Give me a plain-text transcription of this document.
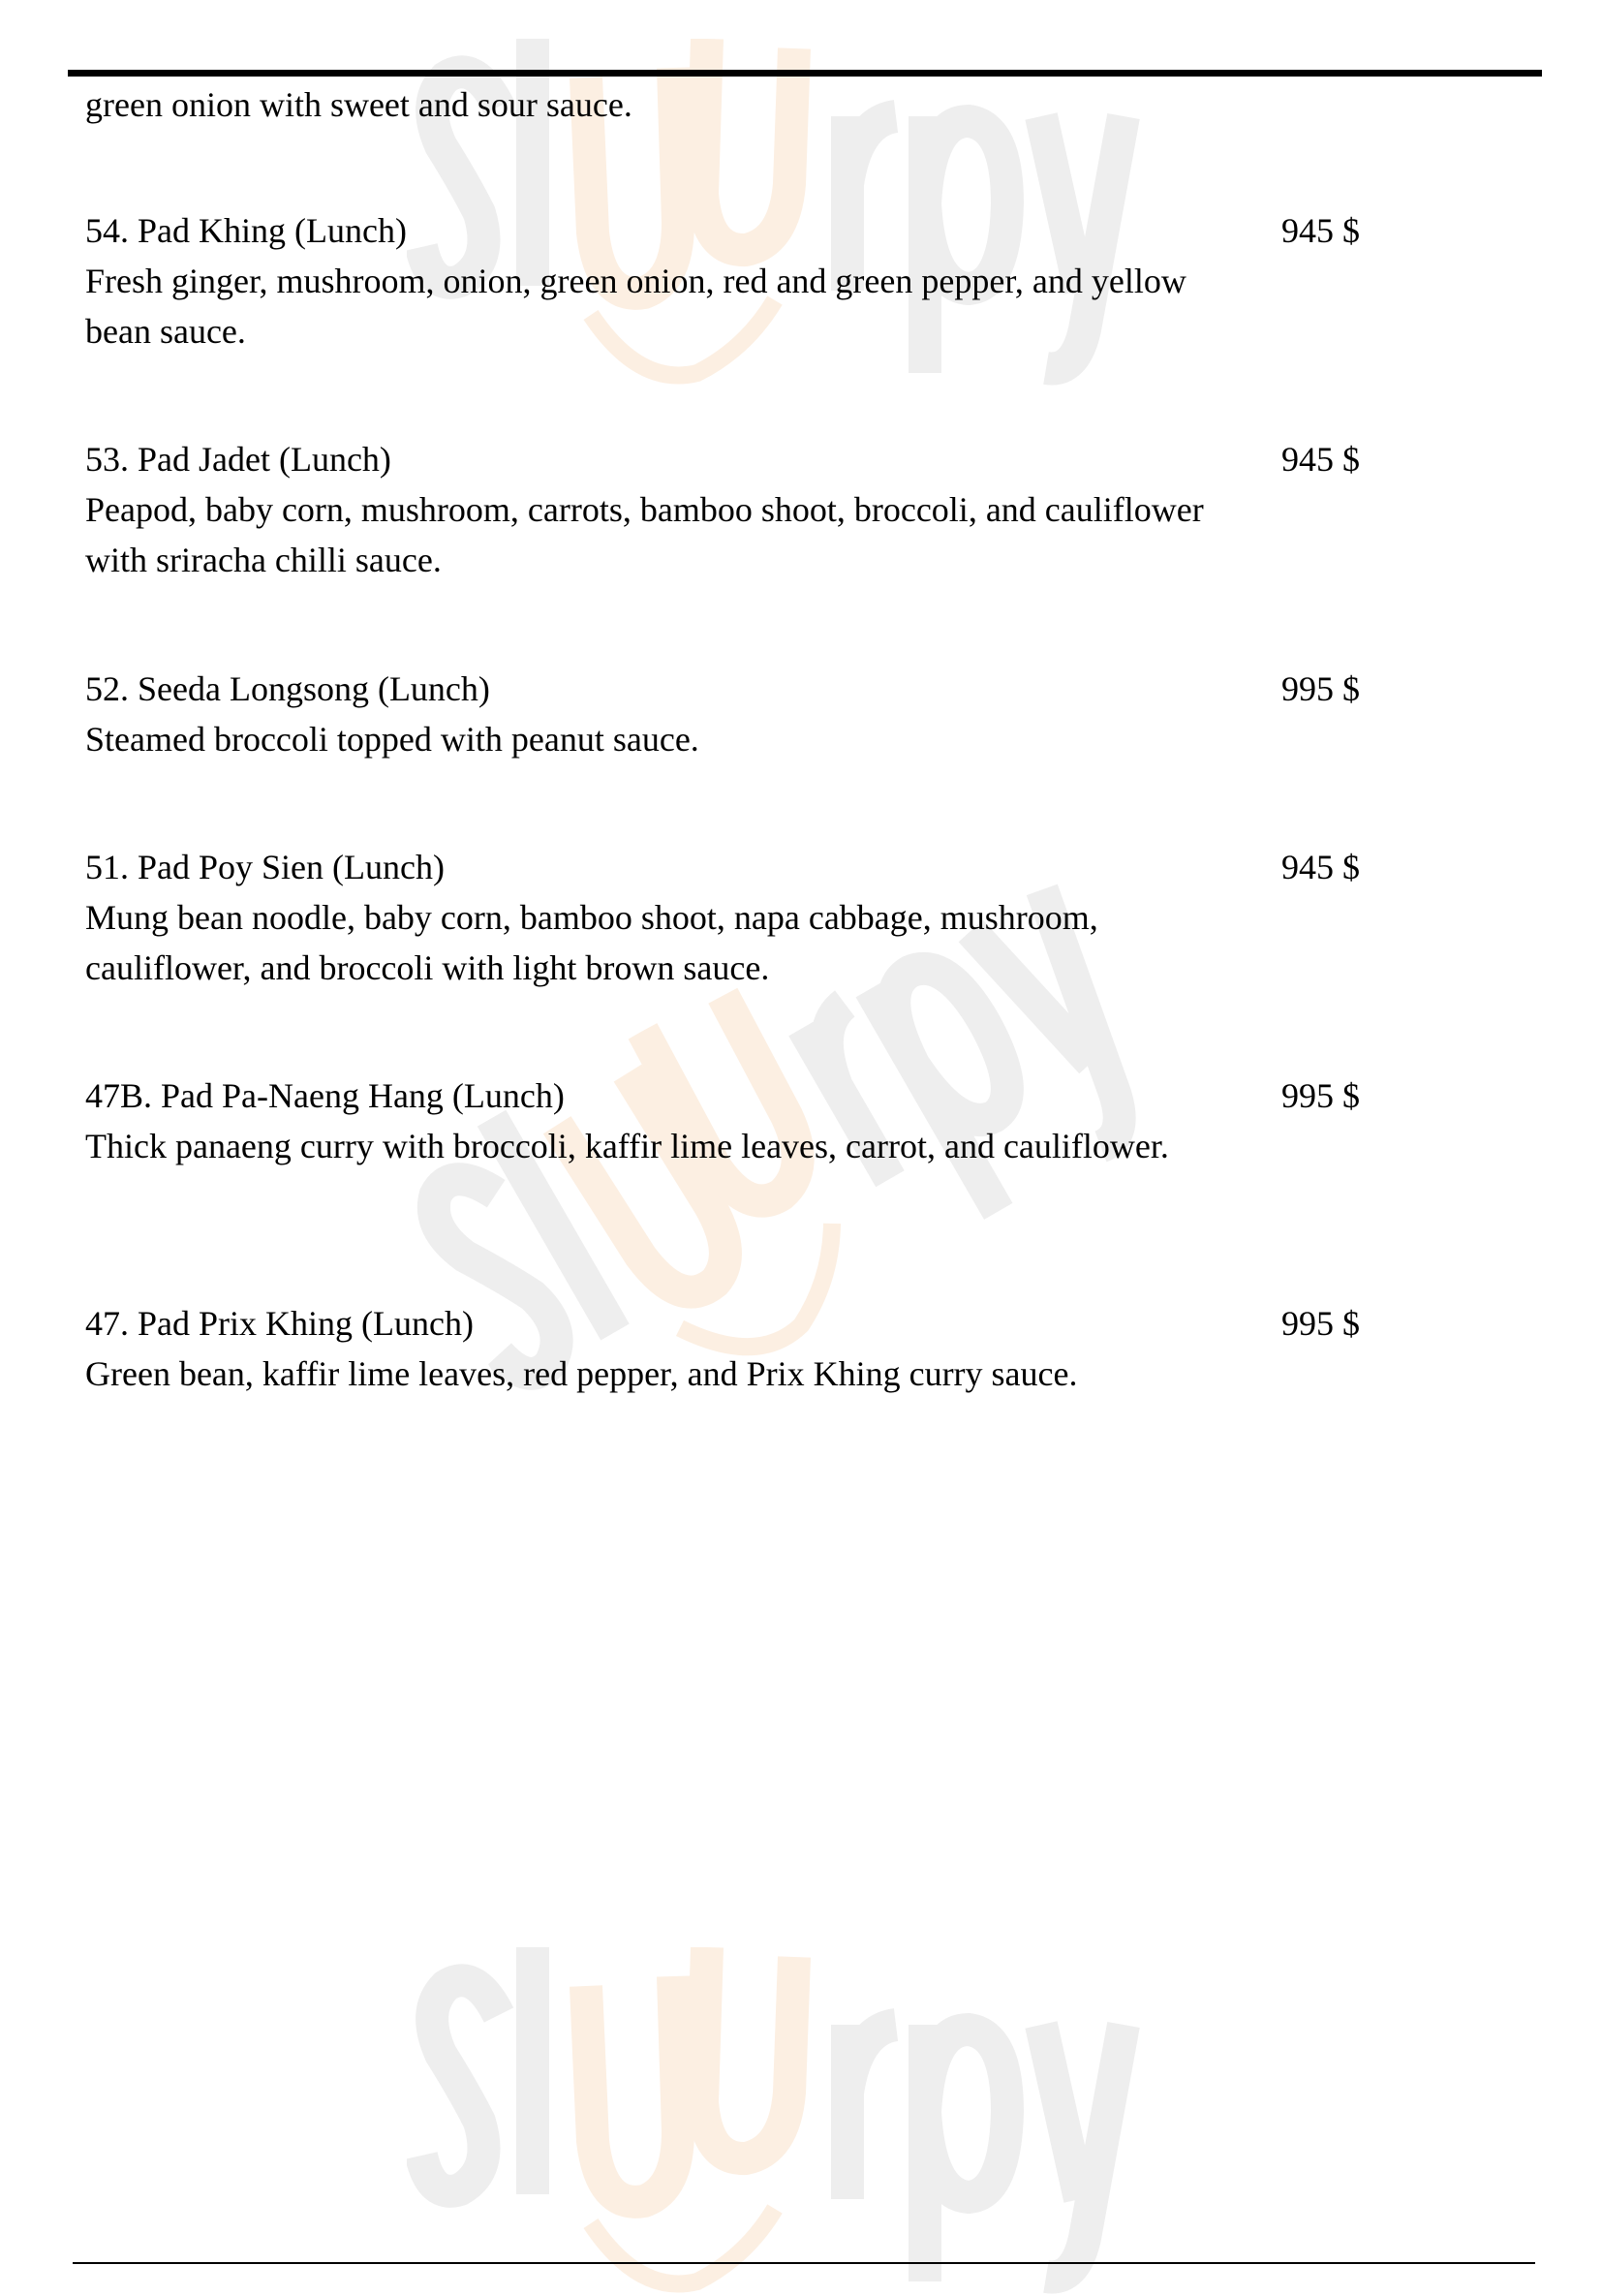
green onion with sweet and sour sauce.
54. Pad Khing (Lunch)	945 $
Fresh ginger, mushroom, onion, green onion, red and green pepper, and yellow bean sauce.
53. Pad Jadet (Lunch)	945 $
Peapod, baby corn, mushroom, carrots, bamboo shoot, broccoli, and cauliflower with sriracha chilli sauce.
52. Seeda Longsong (Lunch)	995 $
Steamed broccoli topped with peanut sauce.
51. Pad Poy Sien (Lunch)	945 $
Mung bean noodle, baby corn, bamboo shoot, napa cabbage, mushroom, cauliflower, and broccoli with light brown sauce.
47B. Pad Pa-Naeng Hang (Lunch)	995 $
Thick panaeng curry with broccoli, kaffir lime leaves, carrot, and cauliflower.
47. Pad Prix Khing (Lunch)	995 $
Green bean, kaffir lime leaves, red pepper, and Prix Khing curry sauce.
